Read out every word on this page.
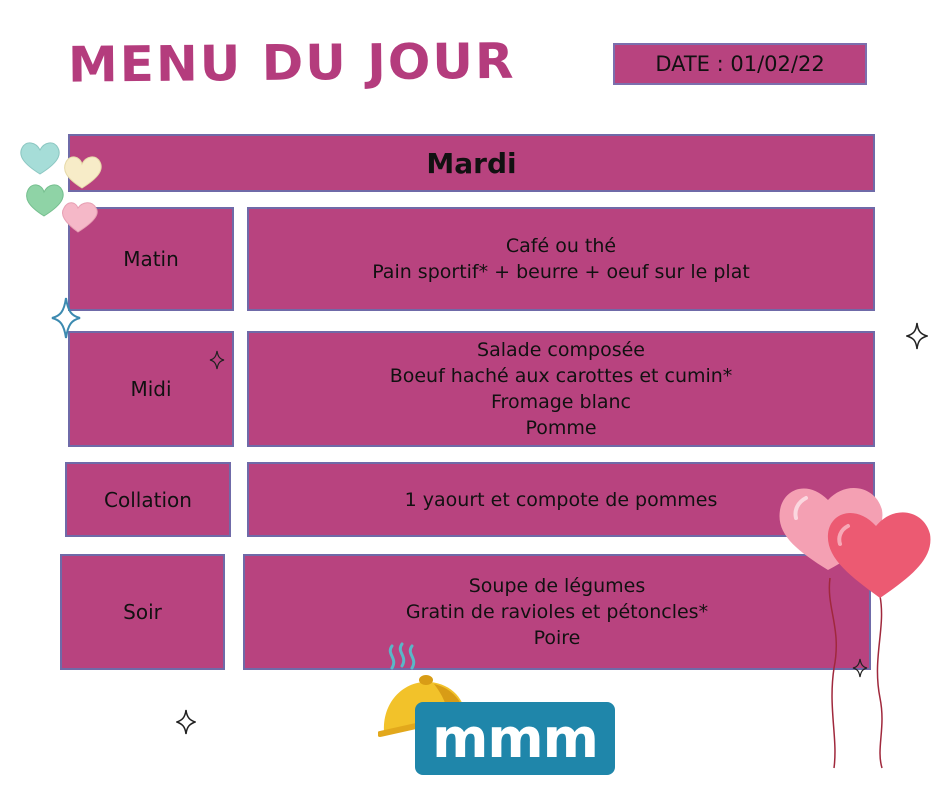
MENU DU JOUR	DATE : 01/02/22
Mardi
Matin
Café ou thé
Pain sportif* + beurre + oeuf sur le plat
Midi
Salade composée
Boeuf haché aux carottes et cumin*
Fromage blanc
Pomme
Collation	1 yaourt et compote de pommes
Soir
Soupe de légumes
Gratin de ravioles et pétoncles*
Poire
mmm
